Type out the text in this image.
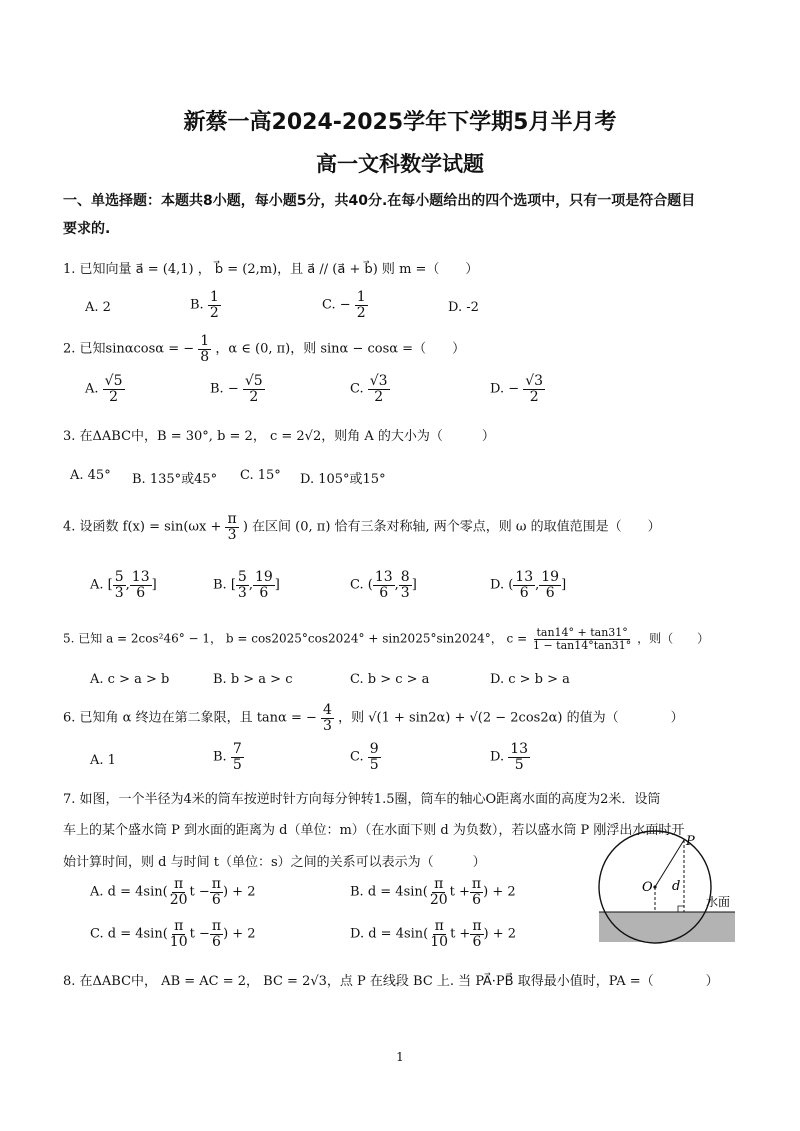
新蔡一高2024-2025学年下学期5月半月考
高一文科数学试题
一、单选择题：本题共8小题，每小题5分，共40分.在每小题给出的四个选项中，只有一项是符合题目
要求的.
1. 已知向量 a⃗ = (4,1) ， b⃗ = (2,m)，且 a⃗ // (a⃗ + b⃗) 则 m =（　　）
A. 2	B. $\frac{1}{2}$	C. − $\frac{1}{2}$	D. -2
2. 已知sinαcosα = − $\frac{1}{8}$ ，α ∈ (0, π)，则 sinα − cosα =（　　）
A. $\frac{√5}{2}$	B. − $\frac{√5}{2}$	C. $\frac{√3}{2}$	D. − $\frac{√3}{2}$
3. 在ΔABC中，B = 30°, b = 2， c = 2√2，则角 A 的大小为（　　　）
A. 45° B. 135°或45° C. 15° D. 105°或15°
4. 设函数 $f(x) = \sin(\omega x + \frac{\pi}{3}$ ) 在区间 (0, π) 恰有三条对称轴, 两个零点，则 ω 的取值范围是（　　）
A. [ $\frac{5}{3}$ , $\frac{13}{6}$ ]	B. [ $\frac{5}{3}$ , $\frac{19}{6}$ ]	C. ( $\frac{13}{6}$ , $\frac{8}{3}$ ]	D. ( $\frac{13}{6}$ , $\frac{19}{6}$ ]
5. 已知 a = 2cos²46° − 1， b = cos2025°cos2024° + sin2025°sin2024°， $c = \frac{\tan 14^\circ + \tan 31^\circ}{1 - \tan 14^\circ\tan 31^\circ}$ ，则（　　）
A. c > a > b	B. b > a > c	C. b > c > a	D. c > b > a
6. 已知角 α 终边在第二象限，且 tanα = − $\frac{4}{3}$ ，则 √(1 + sin2α) + √(2 − 2cos2α) 的值为（　　　　）
A. 1	B. $\frac{7}{5}$	C. $\frac{9}{5}$	D. $\frac{13}{5}$
7. 如图，一个半径为4米的筒车按逆时针方向每分钟转1.5圈，筒车的轴心O距离水面的高度为2米．设筒
车上的某个盛水筒 P 到水面的距离为 d（单位：m）（在水面下则 d 为负数），若以盛水筒 P 刚浮出水面时开
始计算时间，则 d 与时间 t（单位：s）之间的关系可以表示为（　　　）
A. $d = 4\sin( \frac{\pi}{20}$ $t - \frac{\pi}{6}$ ) + 2	B. $d = 4\sin( \frac{\pi}{20}$ $t + \frac{\pi}{6}$ ) + 2
C. $d = 4\sin( \frac{\pi}{10}$ $t - \frac{\pi}{6}$ ) + 2	D. $d = 4\sin( \frac{\pi}{10}$ $t + \frac{\pi}{6}$ ) + 2
P
O d
水面
8. 在ΔABC中， AB = AC = 2， BC = 2√3，点 P 在线段 BC 上. 当 PA⃗·PB⃗ 取得最小值时，PA =（　　　　）
1
